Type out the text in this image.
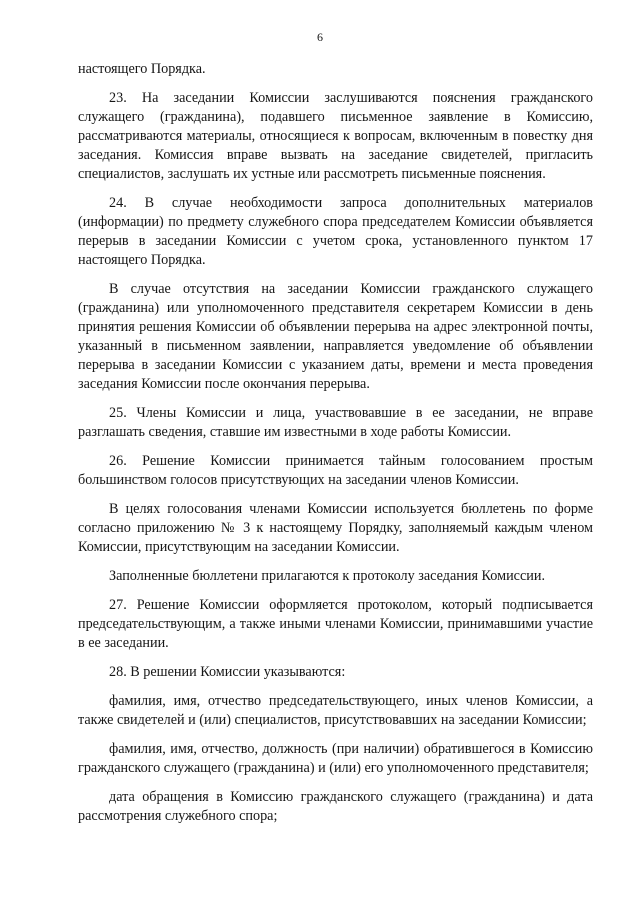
6

настоящего Порядка.

23. На заседании Комиссии заслушиваются пояснения гражданского служащего (гражданина), подавшего письменное заявление в Комиссию, рассматриваются материалы, относящиеся к вопросам, включенным в повестку дня заседания. Комиссия вправе вызвать на заседание свидетелей, пригласить специалистов, заслушать их устные или рассмотреть письменные пояснения.

24. В случае необходимости запроса дополнительных материалов (информации) по предмету служебного спора председателем Комиссии объявляется перерыв в заседании Комиссии с учетом срока, установленного пунктом 17 настоящего Порядка.

В случае отсутствия на заседании Комиссии гражданского служащего (гражданина) или уполномоченного представителя секретарем Комиссии в день принятия решения Комиссии об объявлении перерыва на адрес электронной почты, указанный в письменном заявлении, направляется уведомление об объявлении перерыва в заседании Комиссии с указанием даты, времени и места проведения заседания Комиссии после окончания перерыва.

25. Члены Комиссии и лица, участвовавшие в ее заседании, не вправе разглашать сведения, ставшие им известными в ходе работы Комиссии.

26. Решение Комиссии принимается тайным голосованием простым большинством голосов присутствующих на заседании членов Комиссии.

В целях голосования членами Комиссии используется бюллетень по форме согласно приложению № 3 к настоящему Порядку, заполняемый каждым членом Комиссии, присутствующим на заседании Комиссии.

Заполненные бюллетени прилагаются к протоколу заседания Комиссии.

27. Решение Комиссии оформляется протоколом, который подписывается председательствующим, а также иными членами Комиссии, принимавшими участие в ее заседании.

28. В решении Комиссии указываются:

фамилия, имя, отчество председательствующего, иных членов Комиссии, а также свидетелей и (или) специалистов, присутствовавших на заседании Комиссии;

фамилия, имя, отчество, должность (при наличии) обратившегося в Комиссию гражданского служащего (гражданина) и (или) его уполномоченного представителя;

дата обращения в Комиссию гражданского служащего (гражданина) и дата рассмотрения служебного спора;
